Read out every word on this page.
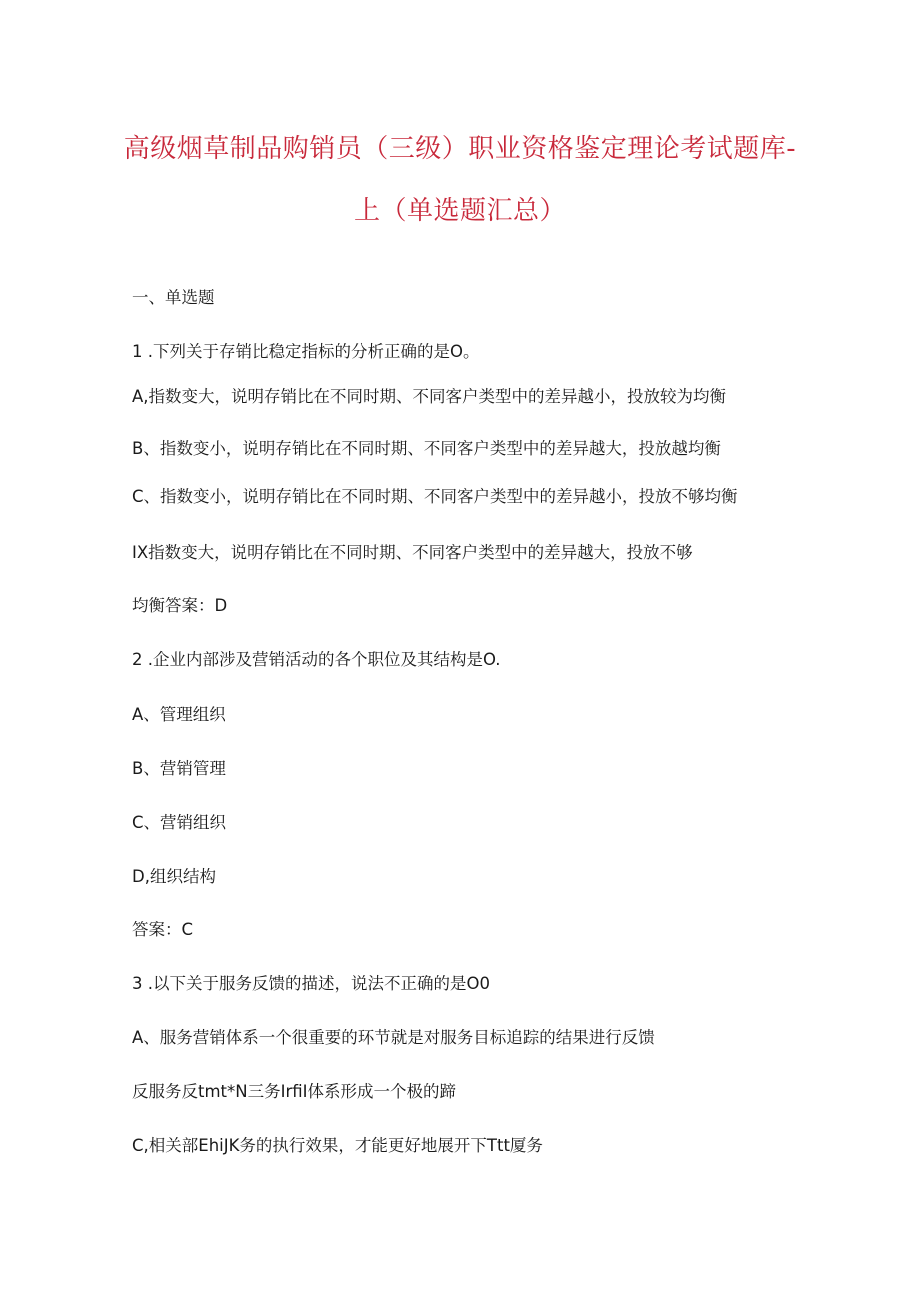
高级烟草制品购销员（三级）职业资格鉴定理论考试题库-
上（单选题汇总）
一、单选题
1 .下列关于存销比稳定指标的分析正确的是O。
A,指数变大，说明存销比在不同时期、不同客户类型中的差异越小，投放较为均衡
B、指数变小，说明存销比在不同时期、不同客户类型中的差异越大，投放越均衡
C、指数变小，说明存销比在不同时期、不同客户类型中的差异越小，投放不够均衡
IX指数变大，说明存销比在不同时期、不同客户类型中的差异越大，投放不够
均衡答案：D
2 .企业内部涉及营销活动的各个职位及其结构是O.
A、管理组织
B、营销管理
C、营销组织
D,组织结构
答案：C
3 .以下关于服务反馈的描述，说法不正确的是O0
A、服务营销体系一个很重要的环节就是对服务目标追踪的结果进行反馈
反服务反tmt*N三务IrfiI体系形成一个极的蹄
C,相关部EhiJK务的执行效果，才能更好地展开下Ttt厦务
